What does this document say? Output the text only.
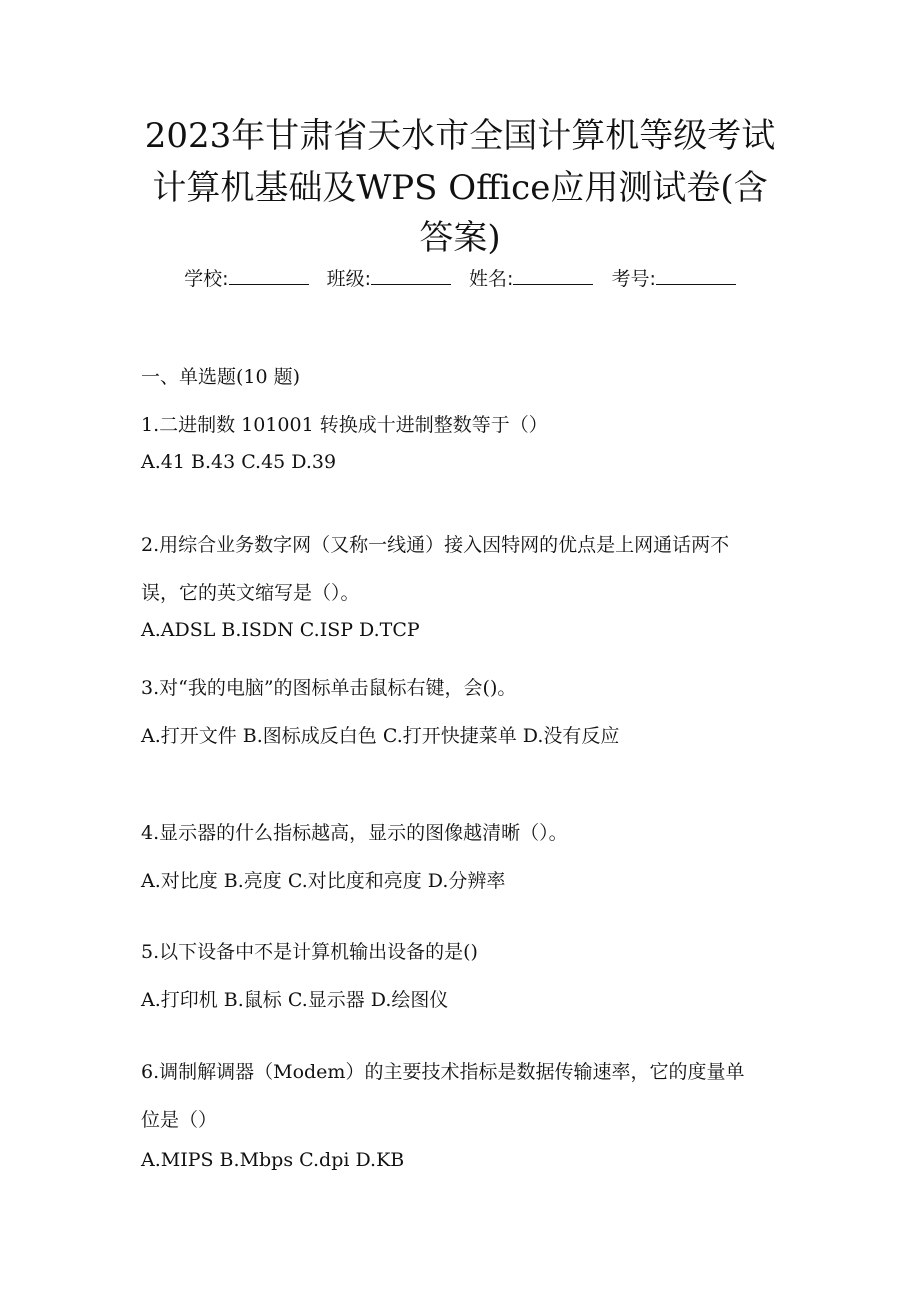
2023年甘肃省天水市全国计算机等级考试
计算机基础及WPS Office应用测试卷(含
答案)
学校:	班级:	姓名:	考号:

一、单选题(10 题)

1.二进制数 101001 转换成十进制整数等于（）

A.41 B.43 C.45 D.39

2.用综合业务数字网（又称一线通）接入因特网的优点是上网通话两不

误，它的英文缩写是（）。

A.ADSL B.ISDN C.ISP D.TCP

3.对“我的电脑”的图标单击鼠标右键，会()。

A.打开文件 B.图标成反白色 C.打开快捷菜单 D.没有反应

4.显示器的什么指标越高，显示的图像越清晰（）。

A.对比度 B.亮度 C.对比度和亮度 D.分辨率

5.以下设备中不是计算机输出设备的是()

A.打印机 B.鼠标 C.显示器 D.绘图仪

6.调制解调器（Modem）的主要技术指标是数据传输速率，它的度量单

位是（）

A.MIPS B.Mbps C.dpi D.KB
